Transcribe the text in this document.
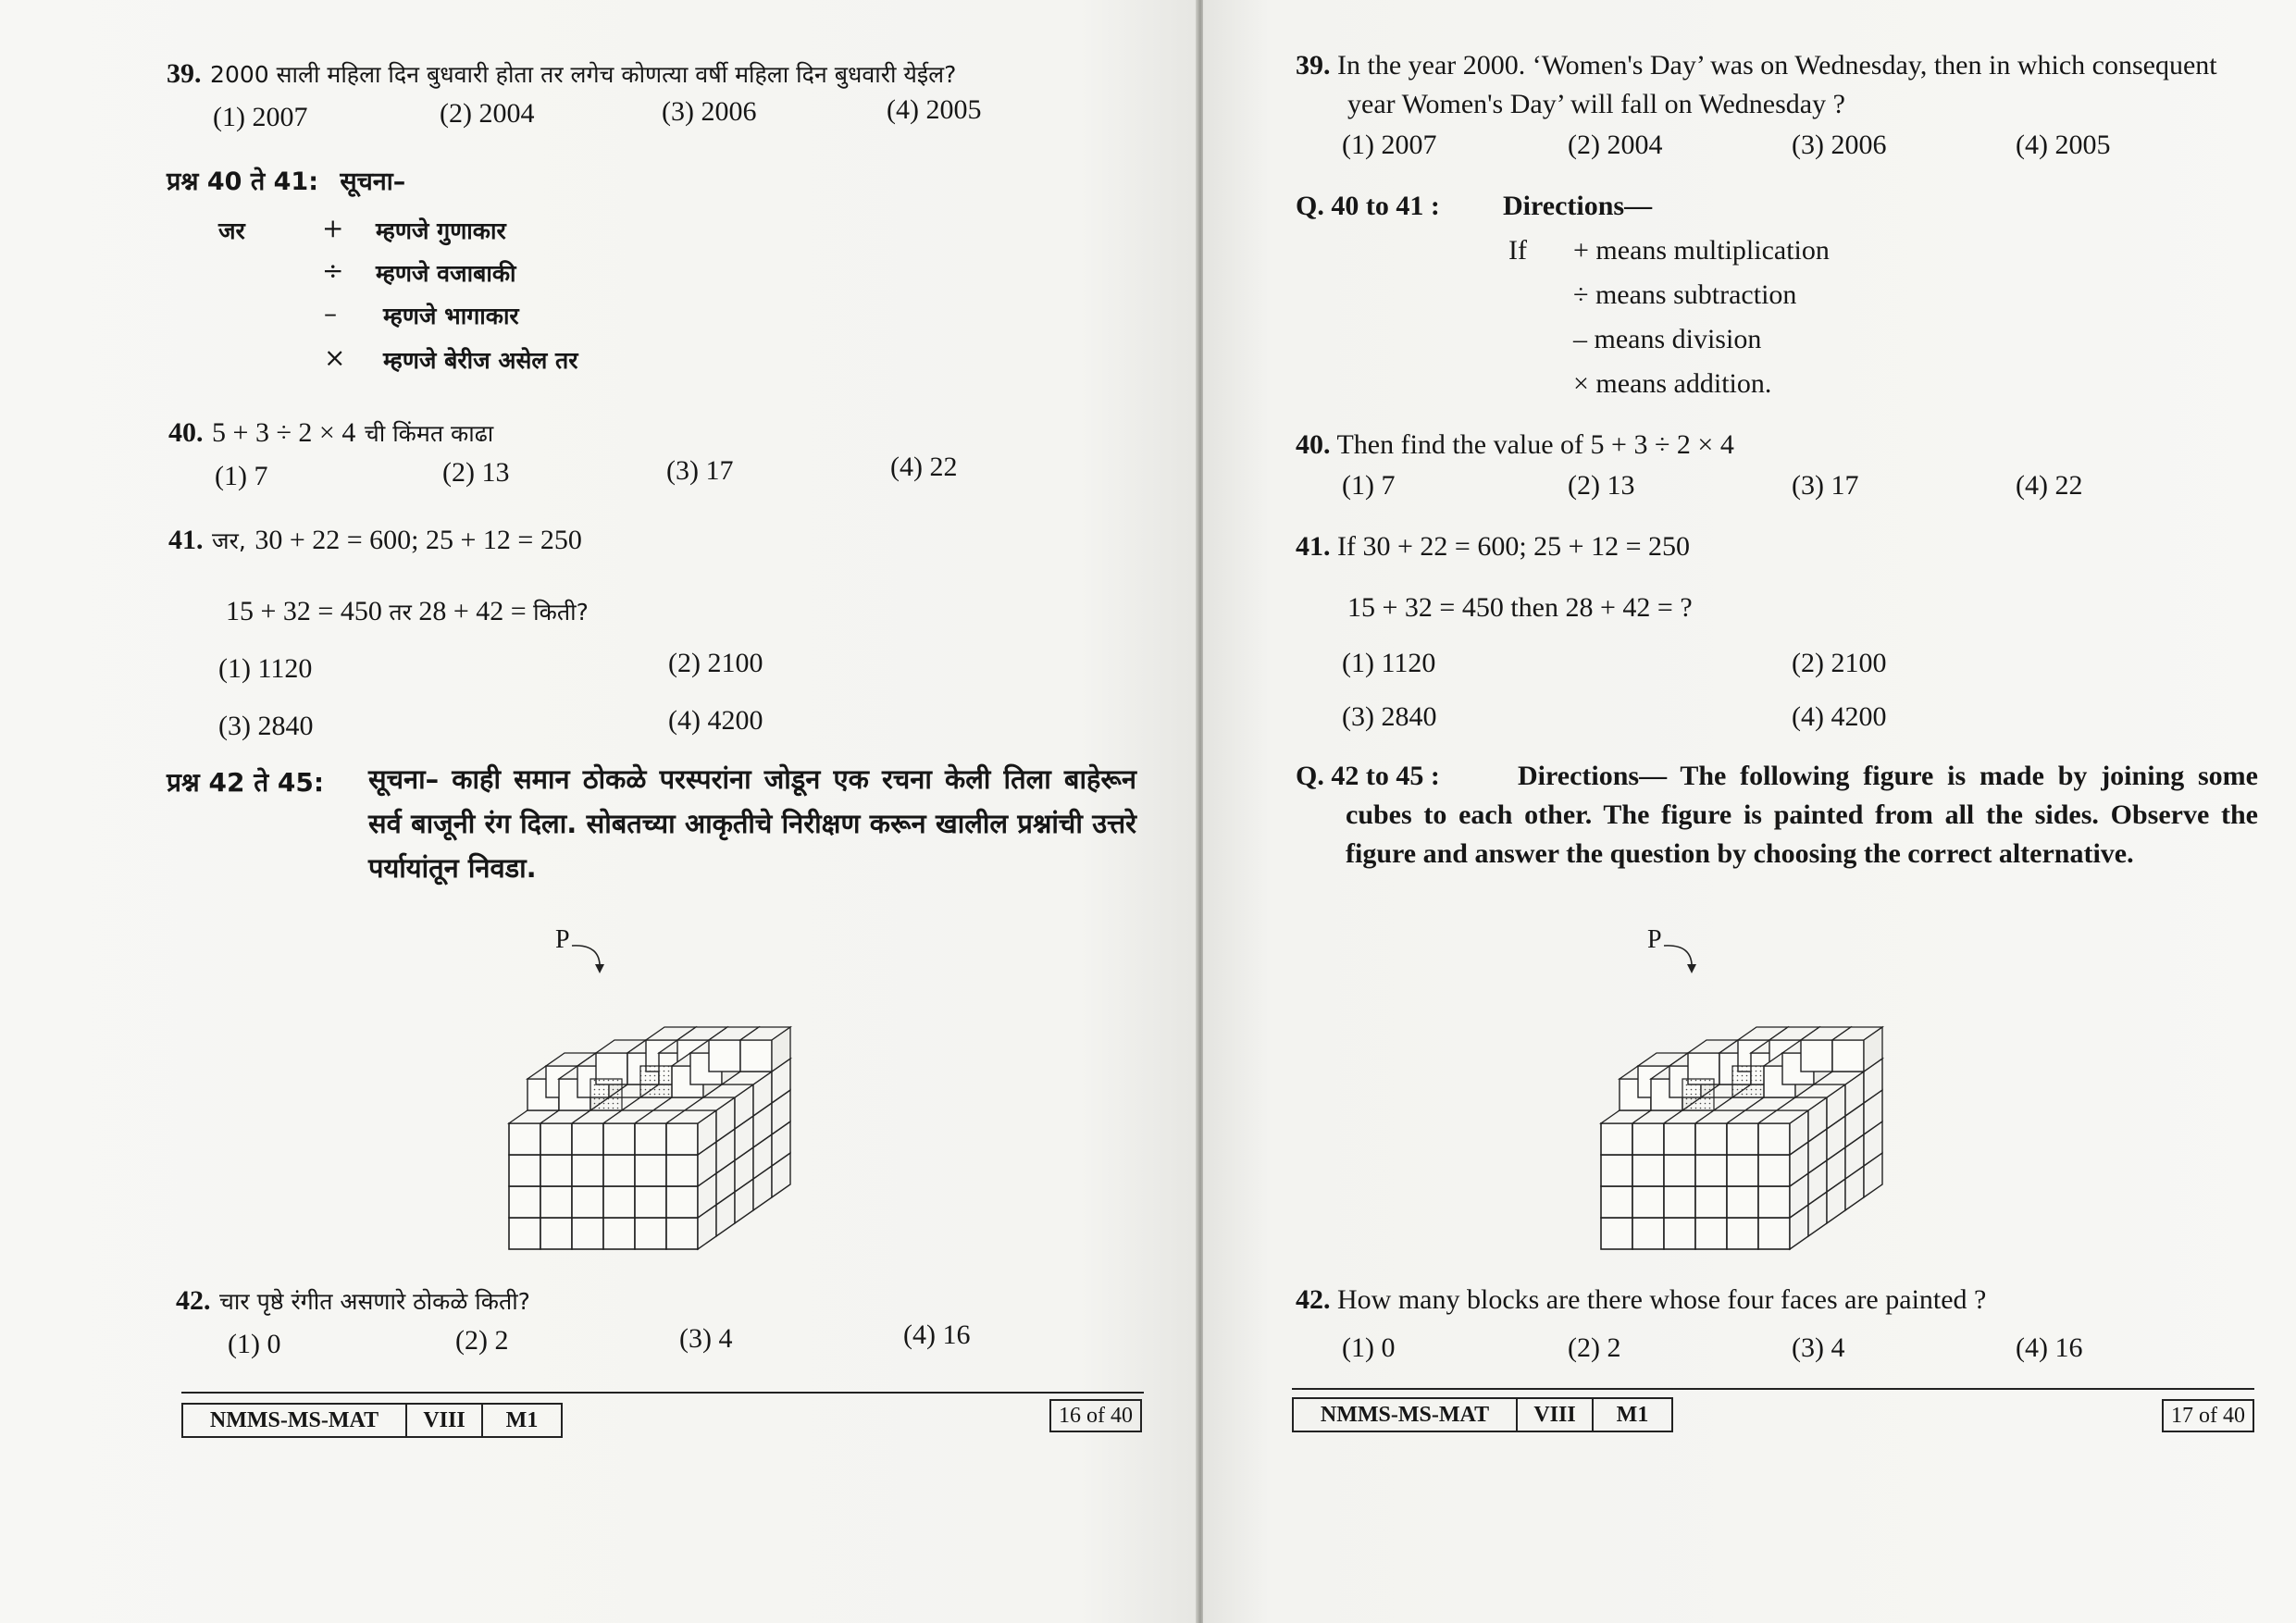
39. 2000 साली महिला दिन बुधवारी होता तर लगेच कोणत्या वर्षी महिला दिन बुधवारी येईल?
(1) 2007	(2) 2004	(3) 2006	(4) 2005
प्रश्न 40 ते 41: सूचना–
जर	+ म्हणजे गुणाकार
÷ म्हणजे वजाबाकी
– म्हणजे भागाकार
× म्हणजे बेरीज असेल तर
40. 5 + 3 ÷ 2 × 4 ची किंमत काढा
(1) 7	(2) 13	(3) 17	(4) 22
41. जर, 30 + 22 = 600; 25 + 12 = 250
15 + 32 = 450 तर 28 + 42 = किती?
(1) 1120	(2) 2100
(3) 2840	(4) 4200
प्रश्न 42 ते 45: सूचना– काही समान ठोकळे परस्परांना जोडून एक रचना केली तिला बाहेरून सर्व बाजूनी रंग दिला. सोबतच्या आकृतीचे निरीक्षण करून खालील प्रश्नांची उत्तरे पर्यायांतून निवडा.
P
42. चार पृष्ठे रंगीत असणारे ठोकळे किती?
(1) 0	(2) 2	(3) 4	(4) 16
NMMS-MS-MAT	VIII	M1	16 of 40
39. In the year 2000. ‘Women's Day’ was on Wednesday, then in which consequent
year Women's Day’ will fall on Wednesday ?
(1) 2007	(2) 2004	(3) 2006	(4) 2005
Q. 40 to 41 : Directions—
If + means multiplication
÷ means subtraction
– means division
× means addition.
40. Then find the value of 5 + 3 ÷ 2 × 4
(1) 7	(2) 13	(3) 17	(4) 22
41. If 30 + 22 = 600; 25 + 12 = 250
15 + 32 = 450 then 28 + 42 = ?
(1) 1120	(2) 2100
(3) 2840	(4) 4200
Q. 42 to 45 :	Directions— The following figure is made by joining some cubes to each other. The figure is painted from all the sides. Observe the figure and answer the question by choosing the correct alternative.
P
42. How many blocks are there whose four faces are painted ?
(1) 0	(2) 2	(3) 4	(4) 16
NMMS-MS-MAT	VIII	M1	17 of 40
